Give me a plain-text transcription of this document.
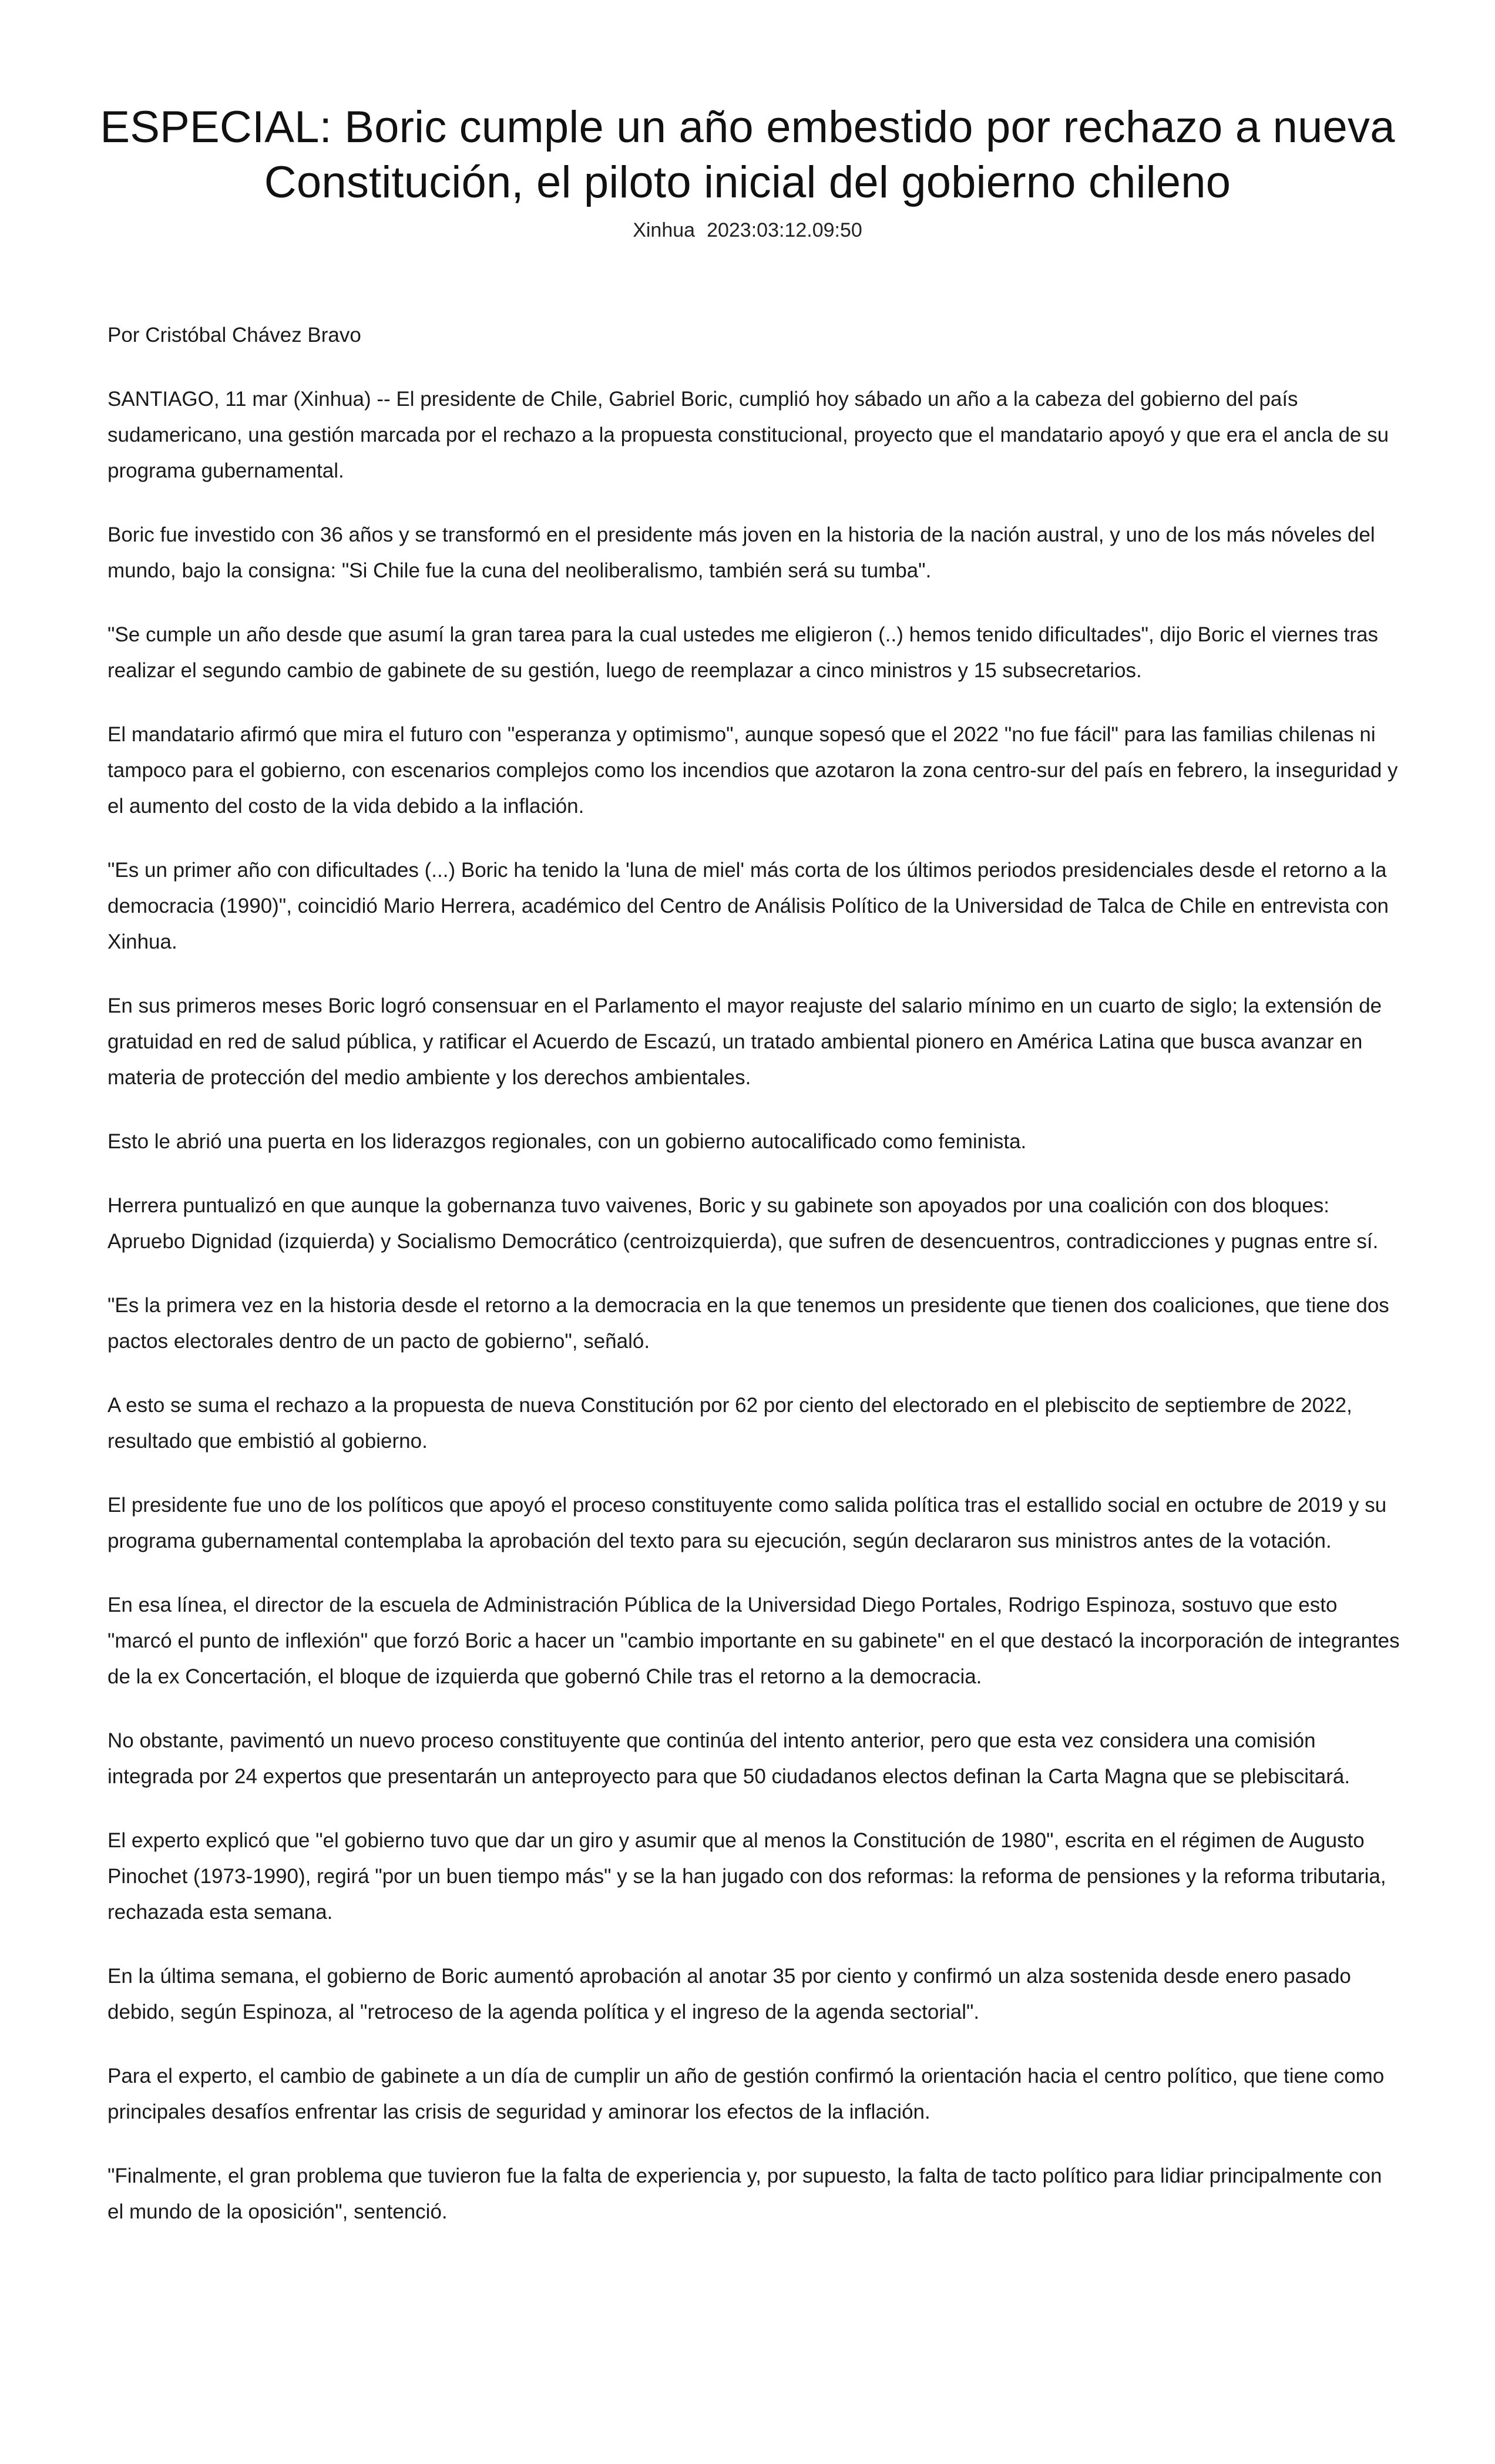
ESPECIAL: Boric cumple un año embestido por rechazo a nueva
Constitución, el piloto inicial del gobierno chileno
Xinhua 2023:03:12.09:50

Por Cristóbal Chávez Bravo

SANTIAGO, 11 mar (Xinhua) -- El presidente de Chile, Gabriel Boric, cumplió hoy sábado un año a la cabeza del gobierno del país sudamericano, una gestión marcada por el rechazo a la propuesta constitucional, proyecto que el mandatario apoyó y que era el ancla de su programa gubernamental.

Boric fue investido con 36 años y se transformó en el presidente más joven en la historia de la nación austral, y uno de los más nóveles del mundo, bajo la consigna: "Si Chile fue la cuna del neoliberalismo, también será su tumba".

"Se cumple un año desde que asumí la gran tarea para la cual ustedes me eligieron (..) hemos tenido dificultades", dijo Boric el viernes tras realizar el segundo cambio de gabinete de su gestión, luego de reemplazar a cinco ministros y 15 subsecretarios.

El mandatario afirmó que mira el futuro con "esperanza y optimismo", aunque sopesó que el 2022 "no fue fácil" para las familias chilenas ni tampoco para el gobierno, con escenarios complejos como los incendios que azotaron la zona centro-sur del país en febrero, la inseguridad y el aumento del costo de la vida debido a la inflación.

"Es un primer año con dificultades (...) Boric ha tenido la 'luna de miel' más corta de los últimos periodos presidenciales desde el retorno a la democracia (1990)", coincidió Mario Herrera, académico del Centro de Análisis Político de la Universidad de Talca de Chile en entrevista con Xinhua.

En sus primeros meses Boric logró consensuar en el Parlamento el mayor reajuste del salario mínimo en un cuarto de siglo; la extensión de gratuidad en red de salud pública, y ratificar el Acuerdo de Escazú, un tratado ambiental pionero en América Latina que busca avanzar en materia de protección del medio ambiente y los derechos ambientales.

Esto le abrió una puerta en los liderazgos regionales, con un gobierno autocalificado como feminista.

Herrera puntualizó en que aunque la gobernanza tuvo vaivenes, Boric y su gabinete son apoyados por una coalición con dos bloques: Apruebo Dignidad (izquierda) y Socialismo Democrático (centroizquierda), que sufren de desencuentros, contradicciones y pugnas entre sí.

"Es la primera vez en la historia desde el retorno a la democracia en la que tenemos un presidente que tienen dos coaliciones, que tiene dos pactos electorales dentro de un pacto de gobierno", señaló.

A esto se suma el rechazo a la propuesta de nueva Constitución por 62 por ciento del electorado en el plebiscito de septiembre de 2022, resultado que embistió al gobierno.

El presidente fue uno de los políticos que apoyó el proceso constituyente como salida política tras el estallido social en octubre de 2019 y su programa gubernamental contemplaba la aprobación del texto para su ejecución, según declararon sus ministros antes de la votación.

En esa línea, el director de la escuela de Administración Pública de la Universidad Diego Portales, Rodrigo Espinoza, sostuvo que esto "marcó el punto de inflexión" que forzó Boric a hacer un "cambio importante en su gabinete" en el que destacó la incorporación de integrantes de la ex Concertación, el bloque de izquierda que gobernó Chile tras el retorno a la democracia.

No obstante, pavimentó un nuevo proceso constituyente que continúa del intento anterior, pero que esta vez considera una comisión integrada por 24 expertos que presentarán un anteproyecto para que 50 ciudadanos electos definan la Carta Magna que se plebiscitará.

El experto explicó que "el gobierno tuvo que dar un giro y asumir que al menos la Constitución de 1980", escrita en el régimen de Augusto Pinochet (1973-1990), regirá "por un buen tiempo más" y se la han jugado con dos reformas: la reforma de pensiones y la reforma tributaria, rechazada esta semana.

En la última semana, el gobierno de Boric aumentó aprobación al anotar 35 por ciento y confirmó un alza sostenida desde enero pasado debido, según Espinoza, al "retroceso de la agenda política y el ingreso de la agenda sectorial".

Para el experto, el cambio de gabinete a un día de cumplir un año de gestión confirmó la orientación hacia el centro político, que tiene como principales desafíos enfrentar las crisis de seguridad y aminorar los efectos de la inflación.

"Finalmente, el gran problema que tuvieron fue la falta de experiencia y, por supuesto, la falta de tacto político para lidiar principalmente con el mundo de la oposición", sentenció.
